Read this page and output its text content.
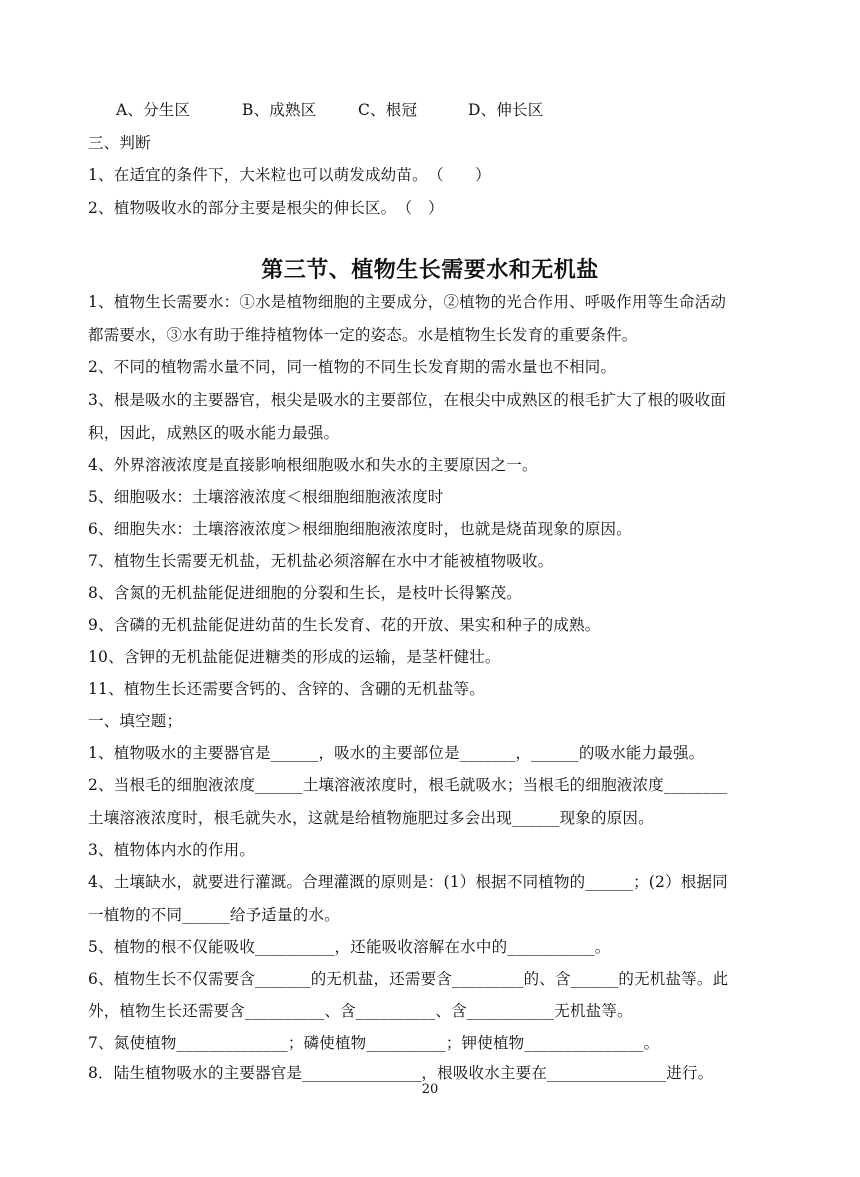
A、分生区	B、成熟区	C、根冠	D、伸长区
三、判断
1、在适宜的条件下，大米粒也可以萌发成幼苗。　（　　）
2、植物吸收水的部分主要是根尖的伸长区。　（　）
第三节、植物生长需要水和无机盐
1、植物生长需要水：①水是植物细胞的主要成分，②植物的光合作用、呼吸作用等生命活动
都需要水，③水有助于维持植物体一定的姿态。水是植物生长发育的重要条件。
2、不同的植物需水量不同，同一植物的不同生长发育期的需水量也不相同。
3、根是吸水的主要器官，根尖是吸水的主要部位，在根尖中成熟区的根毛扩大了根的吸收面
积，因此，成熟区的吸水能力最强。
4、外界溶液浓度是直接影响根细胞吸水和失水的主要原因之一。
5、细胞吸水：土壤溶液浓度＜根细胞细胞液浓度时
6、细胞失水：土壤溶液浓度＞根细胞细胞液浓度时，也就是烧苗现象的原因。
7、植物生长需要无机盐，无机盐必须溶解在水中才能被植物吸收。
8、含氮的无机盐能促进细胞的分裂和生长，是枝叶长得繁茂。
9、含磷的无机盐能促进幼苗的生长发育、花的开放、果实和种子的成熟。
10、含钾的无机盐能促进糖类的形成的运输，是茎杆健壮。
11、植物生长还需要含钙的、含锌的、含硼的无机盐等。
一、填空题；
1、植物吸水的主要器官是______，吸水的主要部位是_______，______的吸水能力最强。
2、当根毛的细胞液浓度______土壤溶液浓度时，根毛就吸水；当根毛的细胞液浓度________
土壤溶液浓度时，根毛就失水，这就是给植物施肥过多会出现______现象的原因。
3、植物体内水的作用。
4、土壤缺水，就要进行灌溉。合理灌溉的原则是：(1）根据不同植物的______；(2）根据同
一植物的不同______给予适量的水。
5、植物的根不仅能吸收__________，还能吸收溶解在水中的___________。
6、植物生长不仅需要含_______的无机盐，还需要含_________的、含______的无机盐等。此
外，植物生长还需要含__________、含__________、含___________无机盐等。
7、氮使植物______________；磷使植物__________；钾使植物_______________。
8．陆生植物吸水的主要器官是_______________，根吸收水主要在_______________进行。
20
